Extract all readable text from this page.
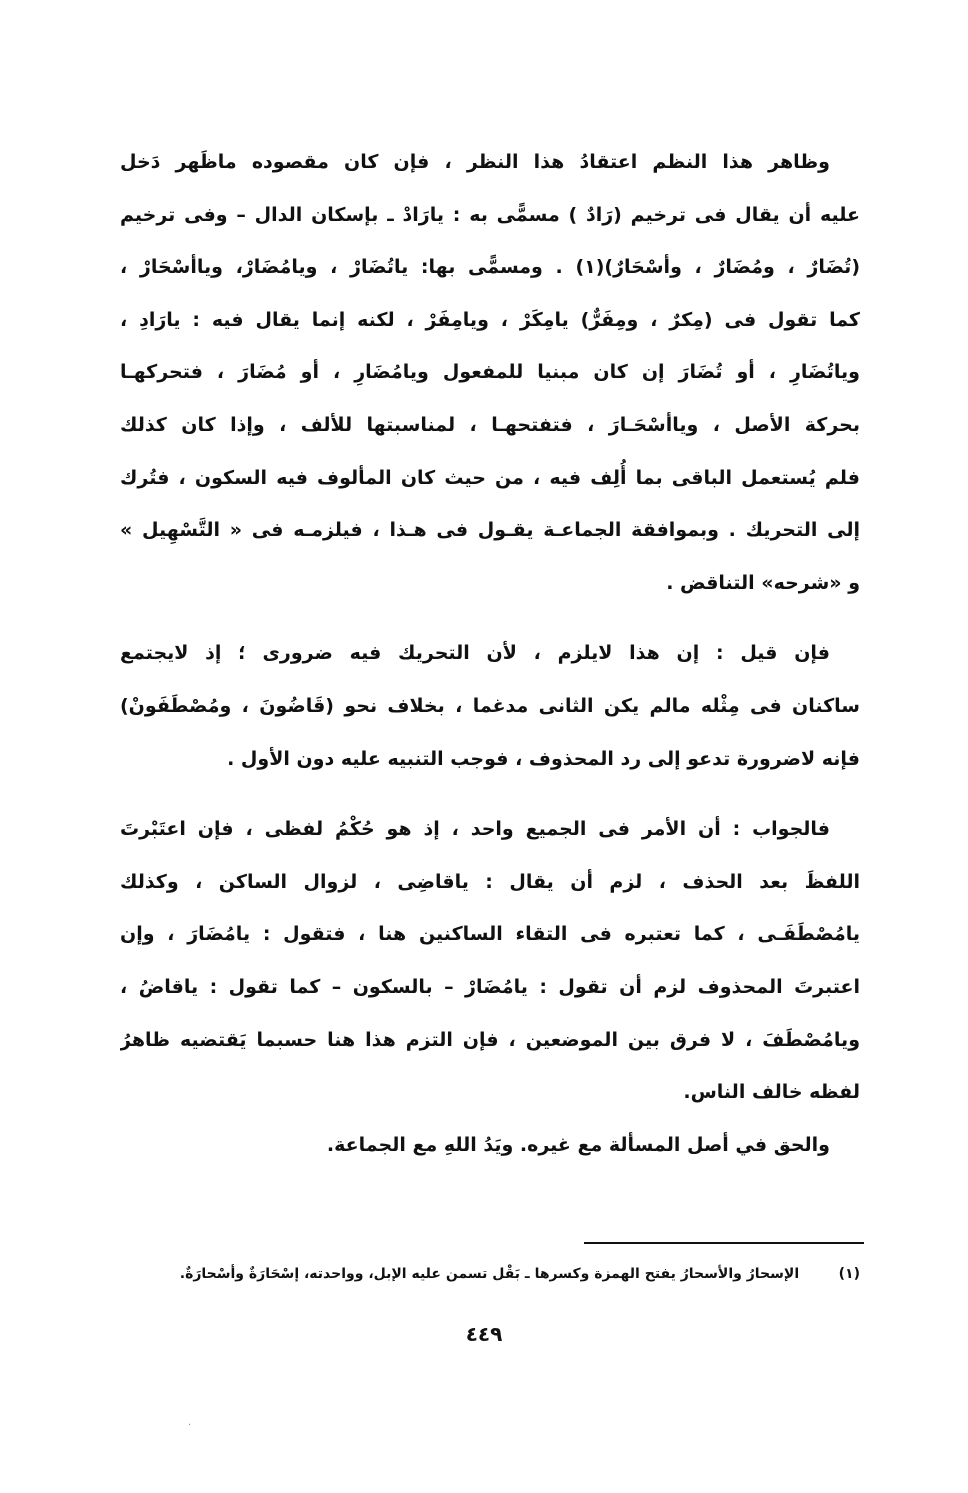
وظاهر هذا النظم اعتقادُ هذا النظر ، فإن كان مقصوده ماظَهر دَخل
عليه أن يقال فى ترخيم (رَادٌ ) مسمًّى به : يارَادْ ـ بإسكان الدال – وفى ترخيم
(تُضَارٌ ، ومُضَارٌ ، وأسْحَارٌ)(١) . ومسمًّى بها: ياتُضَارْ ، ويامُضَارْ، وياأسْحَارْ ،
كما تقول فى (مِكرٌ ، ومِفَرٌّ) يامِكَرْ ، ويامِفَرْ ، لكنه إنما يقال فيه : يارَادِ ،
وياتُضَارِ ، أو تُضَارَ إن كان مبنيا للمفعول ويامُضَارِ ، أو مُضَارَ ، فتحركهـا
بحركة الأصل ، وياأسْحَـارَ ، فتفتحهـا ، لمناسبتها للألف ، وإذا كان كذلك
فلم يُستعمل الباقى بما أُلِف فيه ، من حيث كان المألوف فيه السكون ، فتُرك
إلى التحريك . وبموافقة الجماعـة يقـول فى هـذا ، فيلزمـه فى « التَّسْهِيل »
و «شرحه» التناقض .
فإن قيل : إن هذا لايلزم ، لأن التحريك فيه ضرورى ؛ إذ لايجتمع
ساكنان فى مِثْله مالم يكن الثانى مدغما ، بخلاف نحو (قَاضُونَ ، ومُصْطَفَونْ)
فإنه لاضرورة تدعو إلى رد المحذوف ، فوجب التنبيه عليه دون الأول .
فالجواب : أن الأمر فى الجميع واحد ، إذ هو حُكْمُ لفظى ، فإن اعتَبْرتَ
اللفظَ بعد الحذف ، لزم أن يقال : ياقاضِى ، لزوال الساكن ، وكذلك
يامُصْطَفَـى ، كما تعتبره فى التقاء الساكنين هنا ، فتقول : يامُضَارَ ، وإن
اعتبرتَ المحذوف لزم أن تقول : يامُضَارْ – بالسكون – كما تقول : ياقاضُ ،
ويامُصْطَفَ ، لا فرق بين الموضعين ، فإن التزم هذا هنا حسبما يَقتضيه ظاهرُ
لفظه خالف الناس.
والحق في أصل المسألة مع غيره. ويَدُ اللهِ مع الجماعة.
(١) الإسحارُ والأسحارُ يفتح الهمزة وكسرها ـ بَقْل تسمن عليه الإبل، وواحدته، إسْحَارَةٌ وأسْحارَةٌ.
٤٤٩
·
